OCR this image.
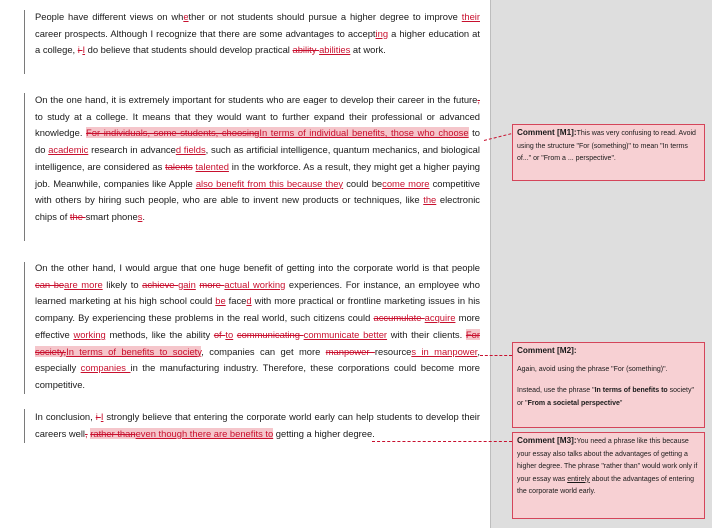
People have different views on whether or not students should pursue a higher degree to improve their career prospects. Although I recognize that there are some advantages to accepting a higher education at a college, i I do believe that students should develop practical ability abilities at work.

On the one hand, it is extremely important for students who are eager to develop their career in the future, to study at a college. It means that they would want to further expand their professional or advanced knowledge. For individuals, some students, choosingIn terms of individual benefits, those who choose to do academic research in advanced fields, such as artificial intelligence, quantum mechanics, and biological intelligence, are considered as talents talented in the workforce. As a result, they might get a higher paying job. Meanwhile, companies like Apple also benefit from this because they could become more competitive with others by hiring such people, who are able to invent new products or techniques, like the electronic chips of the smart phones.

On the other hand, I would argue that one huge benefit of getting into the corporate world is that people can beare more likely to achieve gain more actual working experiences. For instance, an employee who learned marketing at his high school could be faced with more practical or frontline marketing issues in his company. By experiencing these problems in the real world, such citizens could accumulate acquire more effective working methods, like the ability of to communicating communicate better with their clients. For society,In terms of benefits to society, companies can get more manpower resources in manpower, especially companies in the manufacturing industry. Therefore, these corporations could become more competitive.

In conclusion, i I strongly believe that entering the corporate world early can help students to develop their careers well, rather thaneven though there are benefits to getting a higher degree.

Comment [M1]:This was very confusing to read. Avoid using the structure "For (something)" to mean "In terms of..." or "From a ... perspective".

Comment [M2]:

Again, avoid using the phrase "For (something)".

Instead, use the phrase "In terms of benefits to society" or "From a societal perspective"

Comment [M3]:You need a phrase like this because your essay also talks about the advantages of getting a higher degree. The phrase "rather than" would work only if your essay was entirely about the advantages of entering the corporate world early.
